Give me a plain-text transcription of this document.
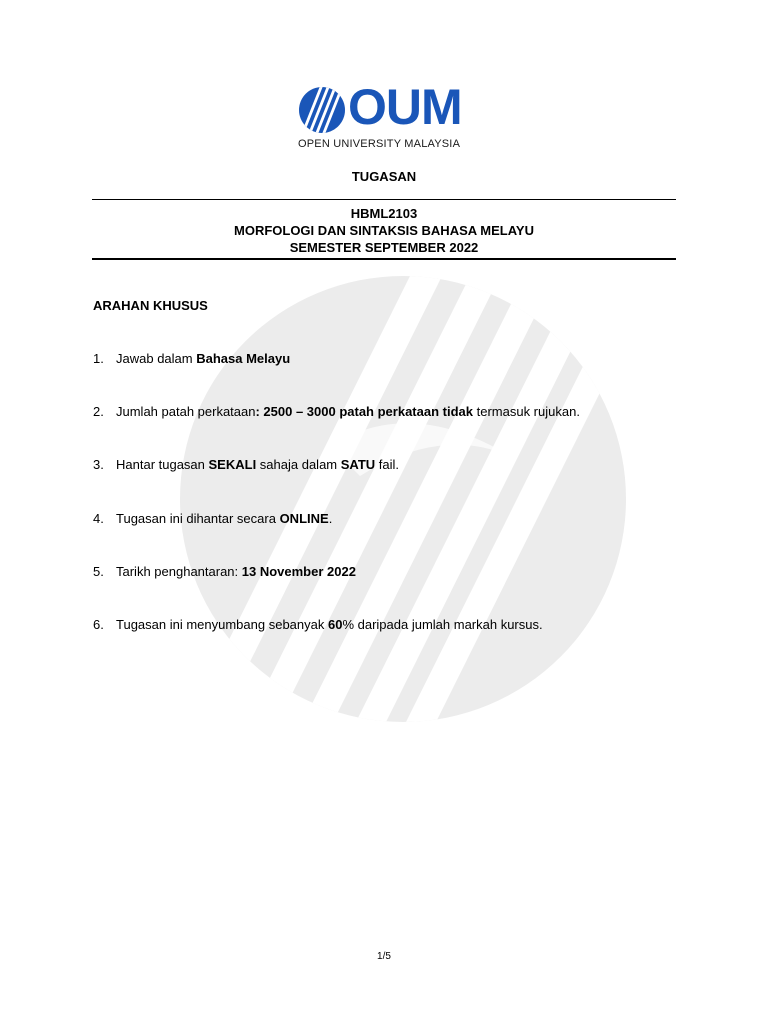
OUM
OPEN UNIVERSITY MALAYSIA
TUGASAN
HBML2103
MORFOLOGI DAN SINTAKSIS BAHASA MELAYU
SEMESTER SEPTEMBER 2022
ARAHAN KHUSUS
1. Jawab dalam Bahasa Melayu
2. Jumlah patah perkataan: 2500 – 3000 patah perkataan tidak termasuk rujukan.
3. Hantar tugasan SEKALI sahaja dalam SATU fail.
4. Tugasan ini dihantar secara ONLINE.
5. Tarikh penghantaran: 13 November 2022
6. Tugasan ini menyumbang sebanyak 60% daripada jumlah markah kursus.
1/5
